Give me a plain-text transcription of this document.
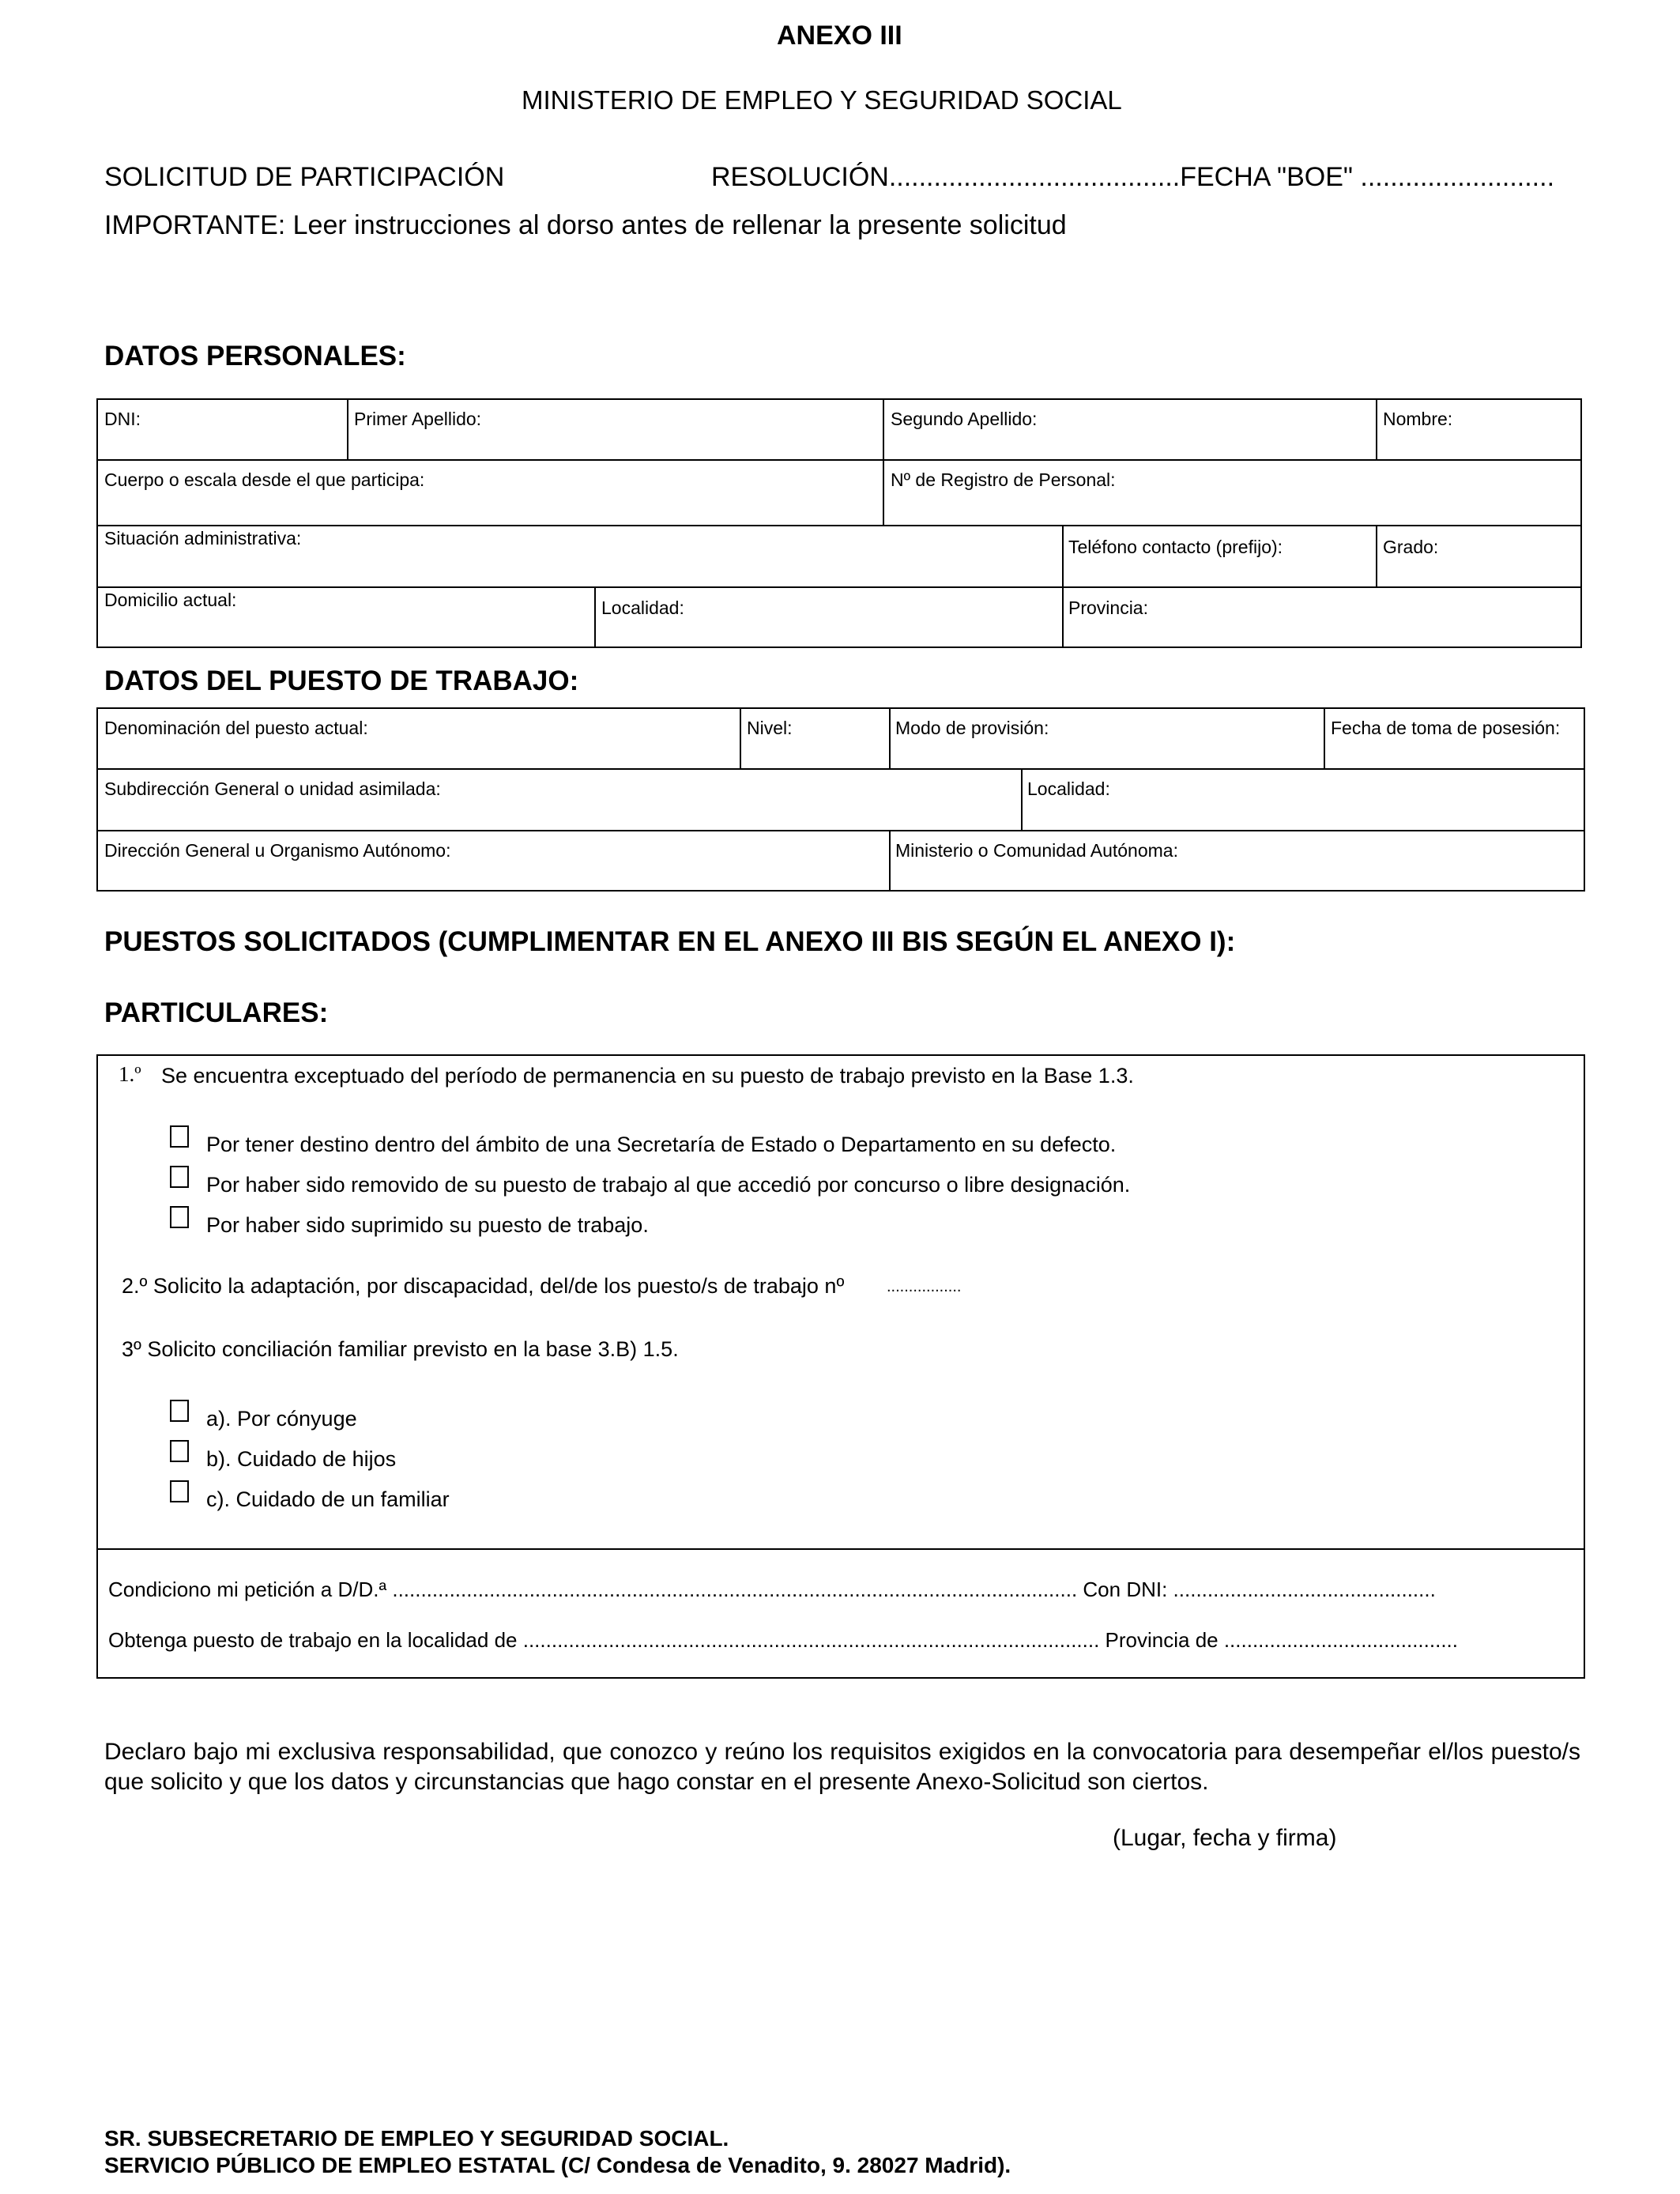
ANEXO III
MINISTERIO DE EMPLEO Y SEGURIDAD SOCIAL
SOLICITUD DE PARTICIPACIÓN	RESOLUCIÓN.......................................FECHA "BOE" ..........................
IMPORTANTE: Leer instrucciones al dorso antes de rellenar la presente solicitud
DATOS PERSONALES:
DNI:	Primer Apellido:	Segundo Apellido:	Nombre:
Cuerpo o escala desde el que participa:	Nº de Registro de Personal:
Situación administrativa:	Teléfono contacto (prefijo):	Grado:
Domicilio actual:	Localidad:	Provincia:
DATOS DEL PUESTO DE TRABAJO:
Denominación del puesto actual:	Nivel:	Modo de provisión:	Fecha de toma de posesión:
Subdirección General o unidad asimilada:	Localidad:
Dirección General u Organismo Autónomo:	Ministerio o Comunidad Autónoma:
PUESTOS SOLICITADOS (CUMPLIMENTAR EN EL ANEXO III BIS SEGÚN EL ANEXO I):
PARTICULARES:
1.º Se encuentra exceptuado del período de permanencia en su puesto de trabajo previsto en la Base 1.3.
Por tener destino dentro del ámbito de una Secretaría de Estado o Departamento en su defecto.
Por haber sido removido de su puesto de trabajo al que accedió por concurso o libre designación.
Por haber sido suprimido su puesto de trabajo.
2.º Solicito la adaptación, por discapacidad, del/de los puesto/s de trabajo nº	.................
3º Solicito conciliación familiar previsto en la base 3.B) 1.5.
a). Por cónyuge
b). Cuidado de hijos
c). Cuidado de un familiar
Condiciono mi petición a D/D.ª ........................................................................................................................ Con DNI: ..............................................
Obtenga puesto de trabajo en la localidad de ..................................................................................................... Provincia de .........................................
Declaro bajo mi exclusiva responsabilidad, que conozco y reúno los requisitos exigidos en la convocatoria para desempeñar el/los puesto/s que solicito y que los datos y circunstancias que hago constar en el presente Anexo-Solicitud son ciertos.
(Lugar, fecha y firma)
SR. SUBSECRETARIO DE EMPLEO Y SEGURIDAD SOCIAL.
SERVICIO PÚBLICO DE EMPLEO ESTATAL (C/ Condesa de Venadito, 9. 28027 Madrid).
